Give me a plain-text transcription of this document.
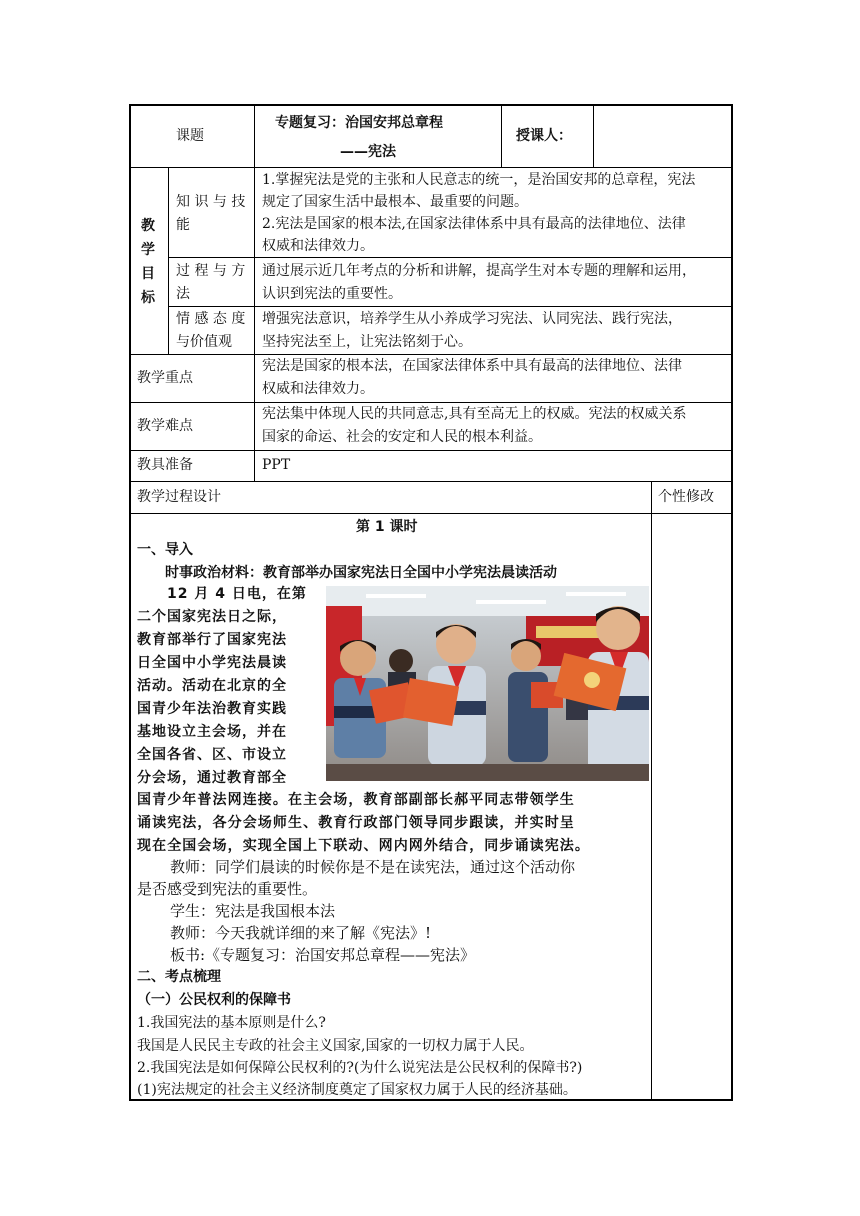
课题
专题复习：治国安邦总章程
——宪法
授课人：
教
学
目
标
知 识 与 技
能
1.掌握宪法是党的主张和人民意志的统一，是治国安邦的总章程，宪法
规定了国家生活中最根本、最重要的问题。
2.宪法是国家的根本法,在国家法律体系中具有最高的法律地位、法律
权威和法律效力。
过 程 与 方
法
通过展示近几年考点的分析和讲解，提高学生对本专题的理解和运用，
认识到宪法的重要性。
情 感 态 度
与价值观
增强宪法意识，培养学生从小养成学习宪法、认同宪法、践行宪法，
坚持宪法至上，让宪法铭刻于心。
教学重点
宪法是国家的根本法，在国家法律体系中具有最高的法律地位、法律
权威和法律效力。
教学难点
宪法集中体现人民的共同意志,具有至高无上的权威。宪法的权威关系
国家的命运、社会的安定和人民的根本利益。
教具准备	PPT
教学过程设计	个性修改
第 1 课时
一、导入
时事政治材料：教育部举办国家宪法日全国中小学宪法晨读活动
12 月 4 日电，在第
二个国家宪法日之际，
教育部举行了国家宪法
日全国中小学宪法晨读
活动。活动在北京的全
国青少年法治教育实践
基地设立主会场，并在
全国各省、区、市设立
分会场，通过教育部全
国青少年普法网连接。在主会场，教育部副部长郝平同志带领学生
诵读宪法，各分会场师生、教育行政部门领导同步跟读，并实时呈
现在全国会场，实现全国上下联动、网内网外结合，同步诵读宪法。
教师：同学们晨读的时候你是不是在读宪法，通过这个活动你
是否感受到宪法的重要性。
学生：宪法是我国根本法
教师：今天我就详细的来了解《宪法》!
板书:《专题复习：治国安邦总章程——宪法》
二、考点梳理
（一）公民权利的保障书
1.我国宪法的基本原则是什么?
我国是人民民主专政的社会主义国家,国家的一切权力属于人民。
2.我国宪法是如何保障公民权利的?(为什么说宪法是公民权利的保障书?)
(1)宪法规定的社会主义经济制度奠定了国家权力属于人民的经济基础。
